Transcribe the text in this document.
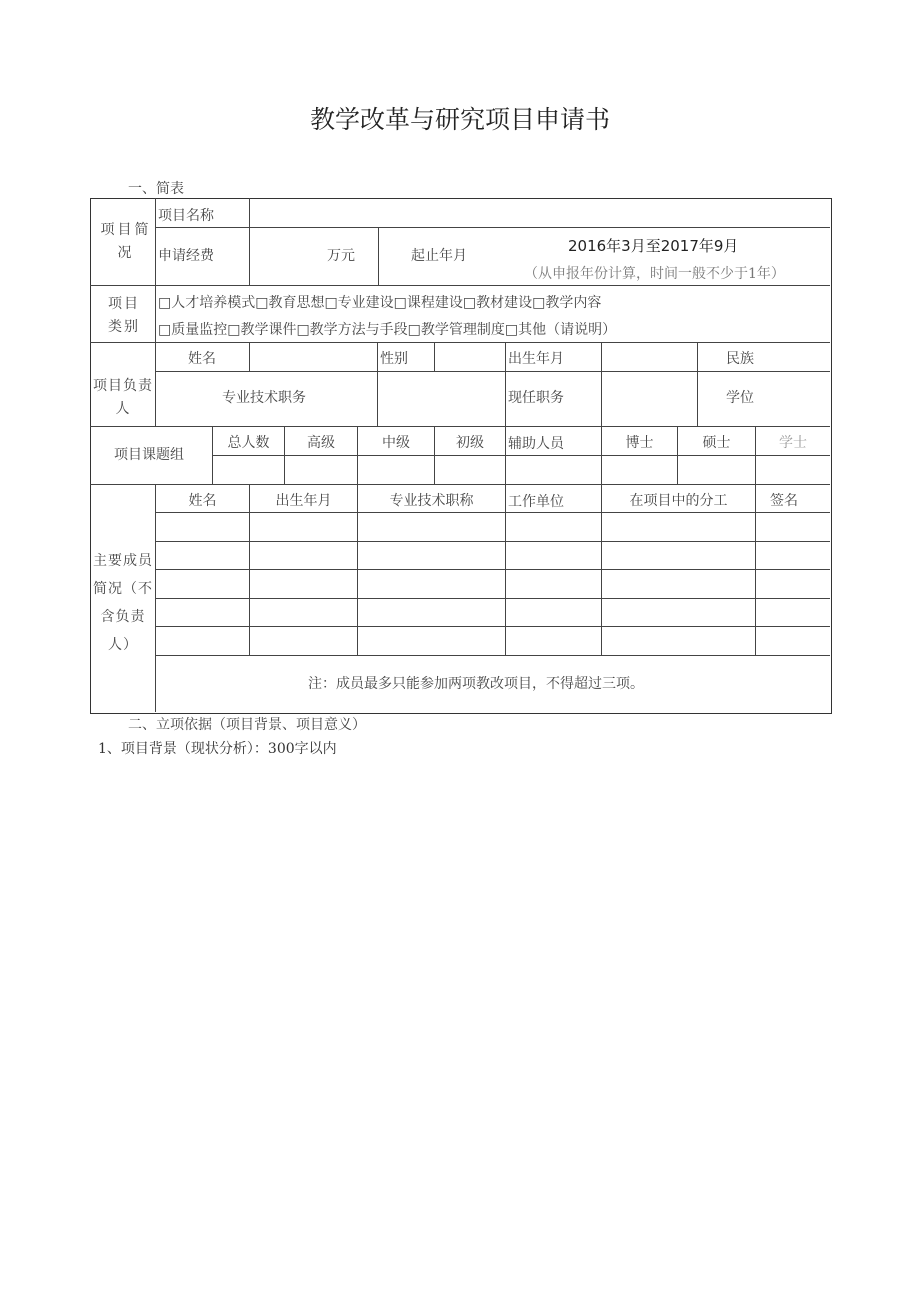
教学改革与研究项目申请书
一、简表
项目简况
项目名称
申请经费	万元	起止年月
2016年3月至2017年9月
（从申报年份计算，时间一般不少于1年）
项目类别
□人才培养模式□教育思想□专业建设□课程建设□教材建设□教学内容
□质量监控□教学课件□教学方法与手段□教学管理制度□其他（请说明）
项目负责人
姓名	性别	出生年月	民族
专业技术职务	现任职务	学位
项目课题组
总人数	高级	中级	初级	辅助人员	博士	硕士	学士
主要成员简况（不含负责人）
姓名	出生年月	专业技术职称	工作单位	在项目中的分工	签名
注：成员最多只能参加两项教改项目，不得超过三项。
二、立项依据（项目背景、项目意义）
1、项目背景（现状分析）：300字以内
